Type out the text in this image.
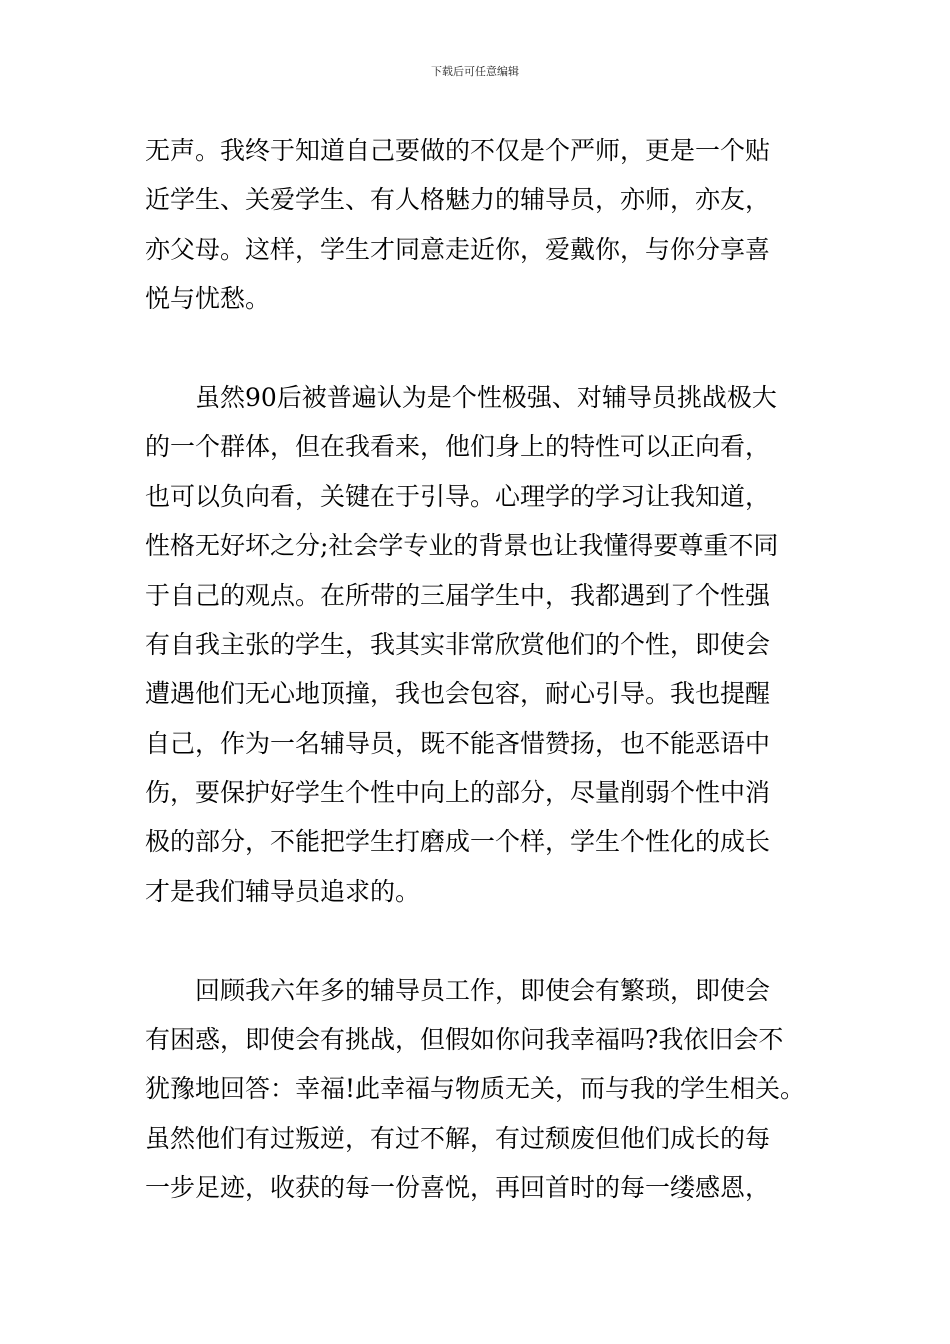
下载后可任意编辑
无声。我终于知道自己要做的不仅是个严师，更是一个贴
近学生、关爱学生、有人格魅力的辅导员，亦师，亦友，
亦父母。这样，学生才同意走近你，爱戴你，与你分享喜
悦与忧愁。
　　虽然90后被普遍认为是个性极强、对辅导员挑战极大
的一个群体，但在我看来，他们身上的特性可以正向看，
也可以负向看，关键在于引导。心理学的学习让我知道，
性格无好坏之分;社会学专业的背景也让我懂得要尊重不同
于自己的观点。在所带的三届学生中，我都遇到了个性强
有自我主张的学生，我其实非常欣赏他们的个性，即使会
遭遇他们无心地顶撞，我也会包容，耐心引导。我也提醒
自己，作为一名辅导员，既不能吝惜赞扬，也不能恶语中
伤，要保护好学生个性中向上的部分，尽量削弱个性中消
极的部分，不能把学生打磨成一个样，学生个性化的成长
才是我们辅导员追求的。
　　回顾我六年多的辅导员工作，即使会有繁琐，即使会
有困惑，即使会有挑战，但假如你问我幸福吗?我依旧会不
犹豫地回答：幸福!此幸福与物质无关，而与我的学生相关。
虽然他们有过叛逆，有过不解，有过颓废但他们成长的每
一步足迹，收获的每一份喜悦，再回首时的每一缕感恩，
